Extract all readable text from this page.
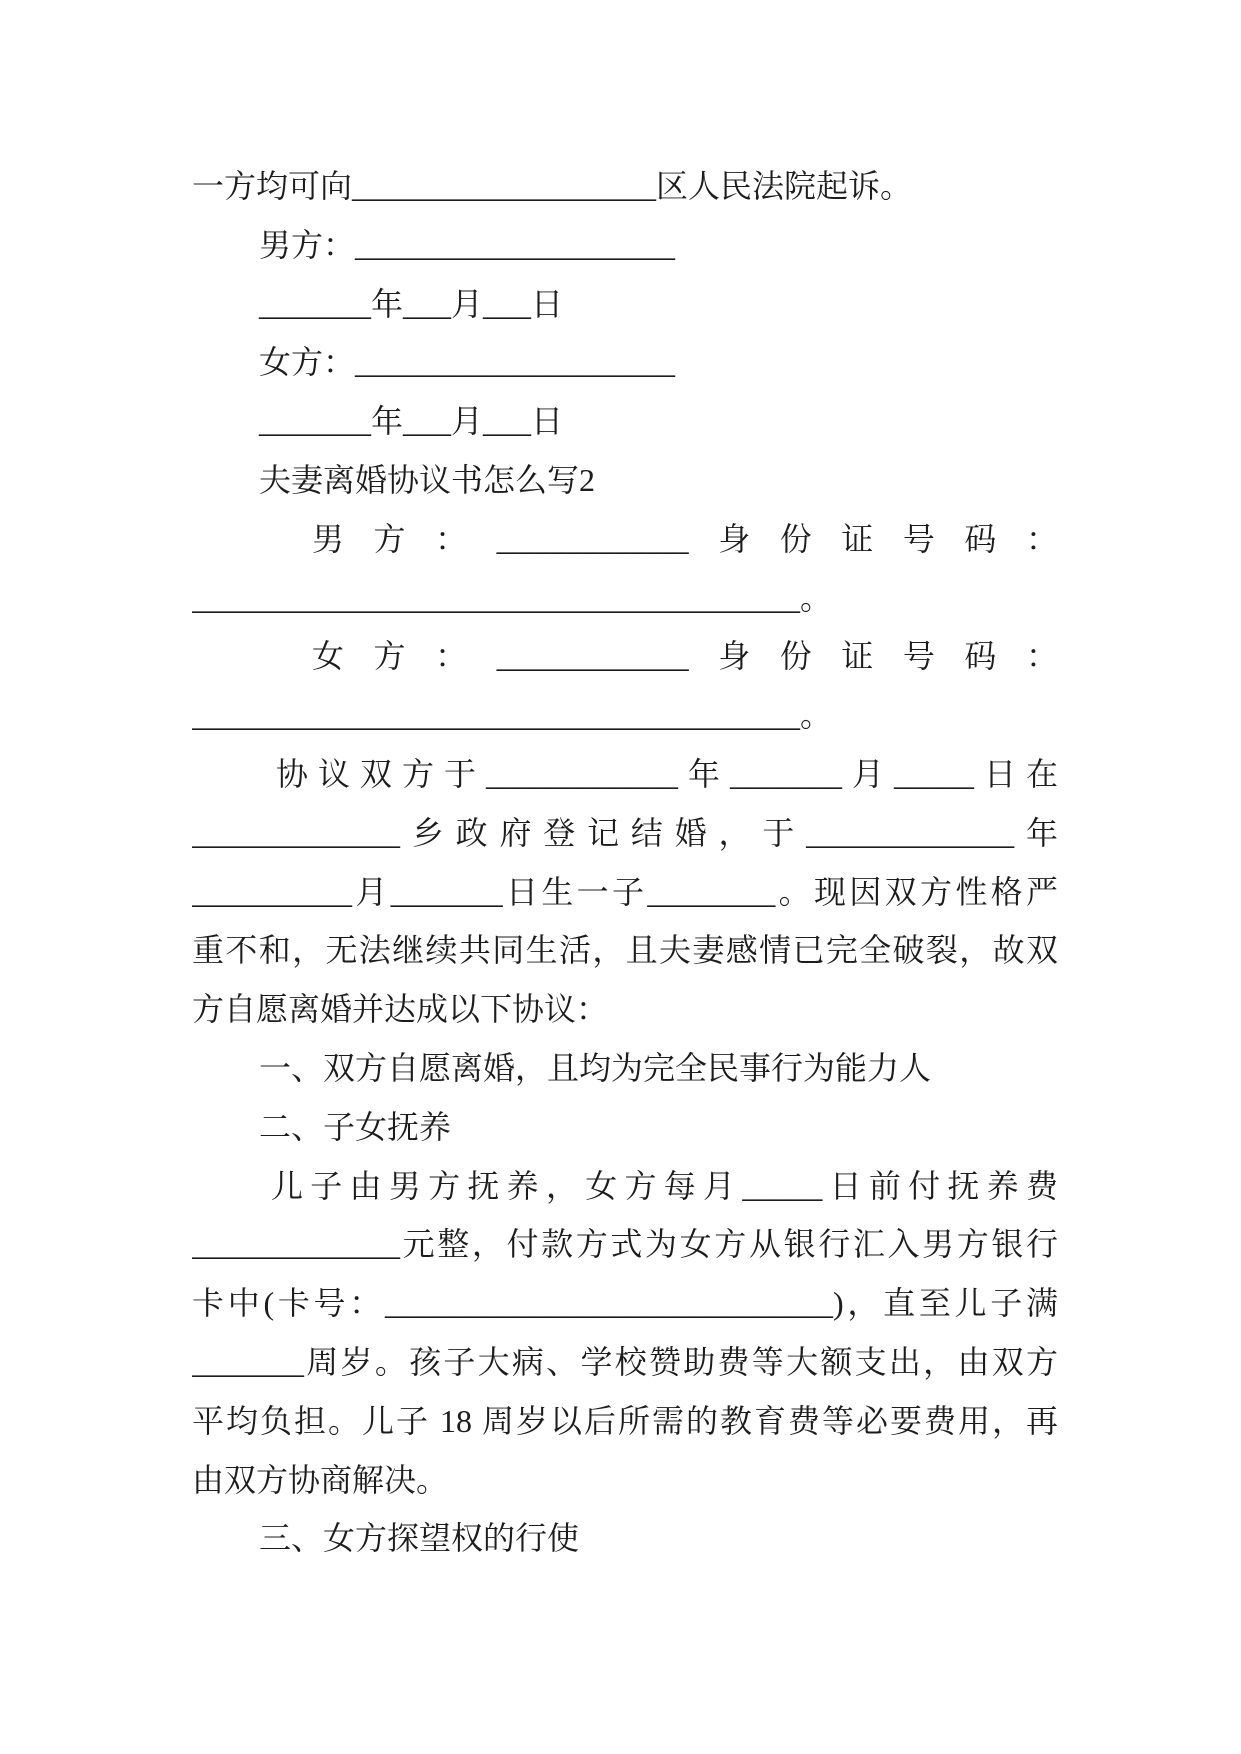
一方均可向___________________区人民法院起诉。
男方：____________________
_______年___月___日
女方：____________________
_______年___月___日
夫妻离婚协议书怎么写2
男方：____________身份证号码：
______________________________________。
女方：____________身份证号码：
______________________________________。
协议双方于____________年_______月_____日在
_____________乡政府登记结婚，于_____________年
__________月_______日生一子________。现因双方性格严
重不和，无法继续共同生活，且夫妻感情已完全破裂，故双
方自愿离婚并达成以下协议：
一、双方自愿离婚，且均为完全民事行为能力人
二、子女抚养
儿子由男方抚养，女方每月_____日前付抚养费
_____________元整，付款方式为女方从银行汇入男方银行
卡中(卡号：____________________________)，直至儿子满
_______周岁。孩子大病、学校赞助费等大额支出，由双方
平均负担。儿子 18 周岁以后所需的教育费等必要费用，再
由双方协商解决。
三、女方探望权的行使
